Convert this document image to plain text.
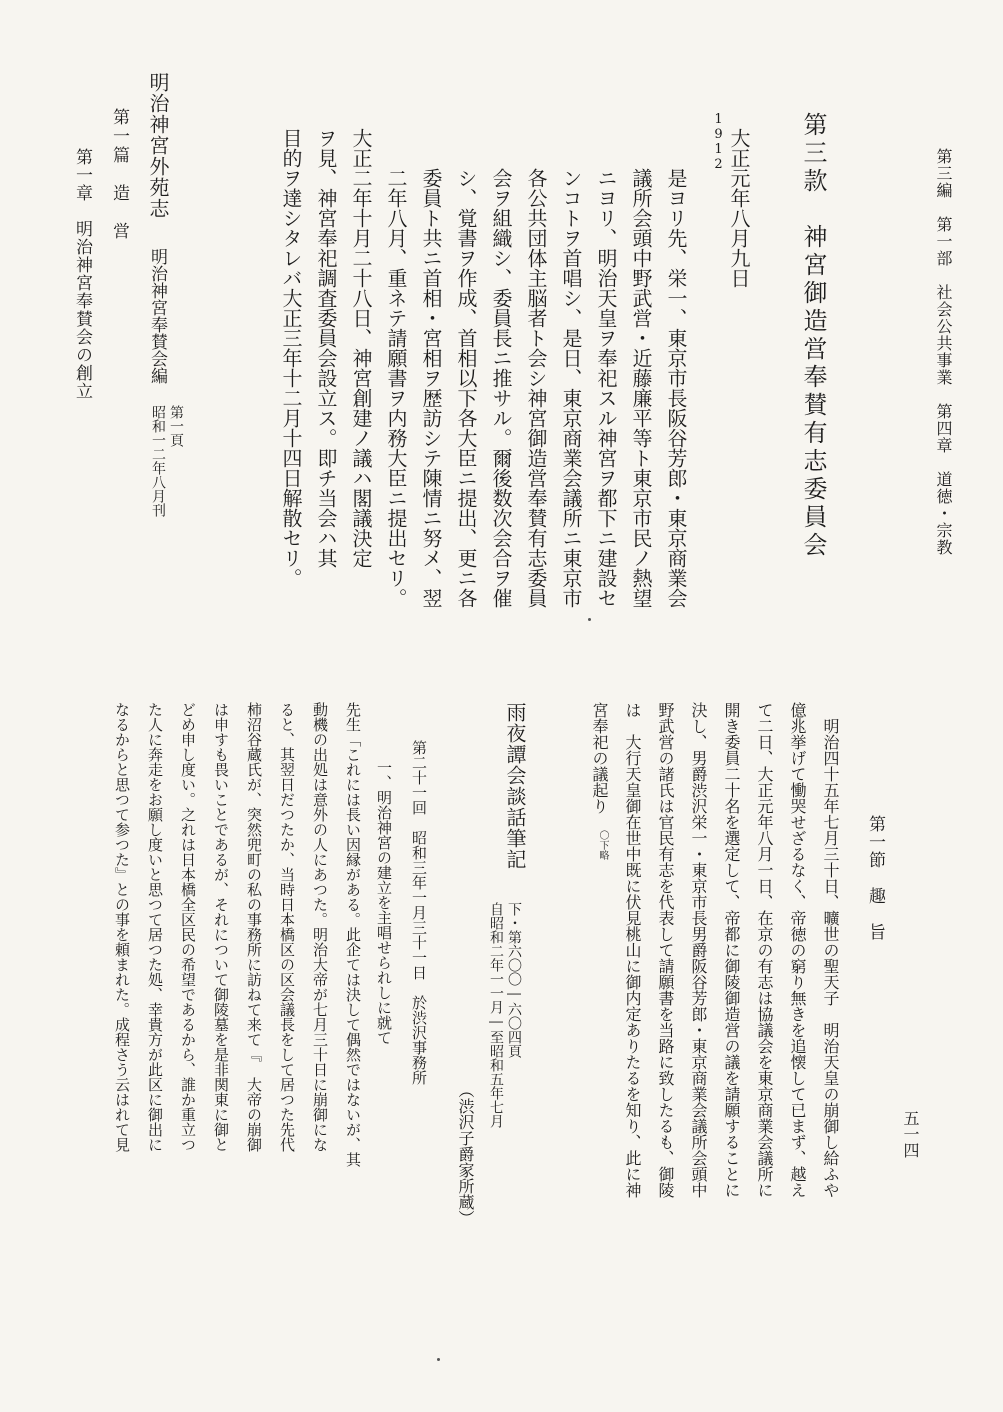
第三編　第一部　社会公共事業　第四章　道徳・宗教
五一四
第三款　神宮御造営奉賛有志委員会
1912 大正元年八月九日
是ヨリ先、栄一、東京市長阪谷芳郎・東京商業会
議所会頭中野武営・近藤廉平等ト東京市民ノ熱望
ニヨリ、明治天皇ヲ奉祀スル神宮ヲ都下ニ建設セ
ンコトヲ首唱シ、是日、東京商業会議所ニ東京市
各公共団体主脳者ト会シ神宮御造営奉賛有志委員
会ヲ組織シ、委員長ニ推サル。爾後数次会合ヲ催
シ、覚書ヲ作成、首相以下各大臣ニ提出、更ニ各
委員ト共ニ首相・宮相ヲ歴訪シテ陳情ニ努メ、翌
二年八月、重ネテ請願書ヲ内務大臣ニ提出セリ。
大正二年十月二十八日、神宮創建ノ議ハ閣議決定
ヲ見、神宮奉祀調査委員会設立ス。即チ当会ハ其
目的ヲ達シタレバ大正三年十二月十四日解散セリ。
第一頁
昭和一二年八月刊
明治神宮外苑志
明治神宮奉賛会編
第一篇　造　営
第一章　明治神宮奉賛会の創立
第一節　趣　旨
明治四十五年七月三十日、曠世の聖天子　明治天皇の崩御し給ふや
億兆挙げて慟哭せざるなく、帝徳の窮り無きを追懐して已まず、越え
て二日、大正元年八月一日、在京の有志は協議会を東京商業会議所に
開き委員二十名を選定して、帝都に御陵御造営の議を請願することに
決し、男爵渋沢栄一・東京市長男爵阪谷芳郎・東京商業会議所会頭中
野武営の諸氏は官民有志を代表して請願書を当路に致したるも、御陵
は　大行天皇御在世中既に伏見桃山に御内定ありたるを知り、此に神
宮奉祀の議起り
〇下略
雨夜譚会談話筆記
下・第六〇〇―六〇四頁
自昭和二年一一月―至昭和五年七月
（渋沢子爵家所蔵）
第二十一回　昭和三年一月三十一日　於渋沢事務所
一、明治神宮の建立を主唱せられしに就て
先生「これには長い因縁がある。此企ては決して偶然ではないが、其
動機の出処は意外の人にあつた。明治大帝が七月三十日に崩御にな
ると、其翌日だつたか、当時日本橋区の区会議長をして居つた先代
柿沼谷蔵氏が、突然兜町の私の事務所に訪ねて来て『　大帝の崩御
は申すも畏いことであるが、それについて御陵墓を是非関東に御と
どめ申し度い。之れは日本橋全区民の希望であるから、誰か重立つ
た人に奔走をお願し度いと思つて居つた処、幸貴方が此区に御出に
なるからと思つて参つた』との事を頼まれた。成程さう云はれて見
